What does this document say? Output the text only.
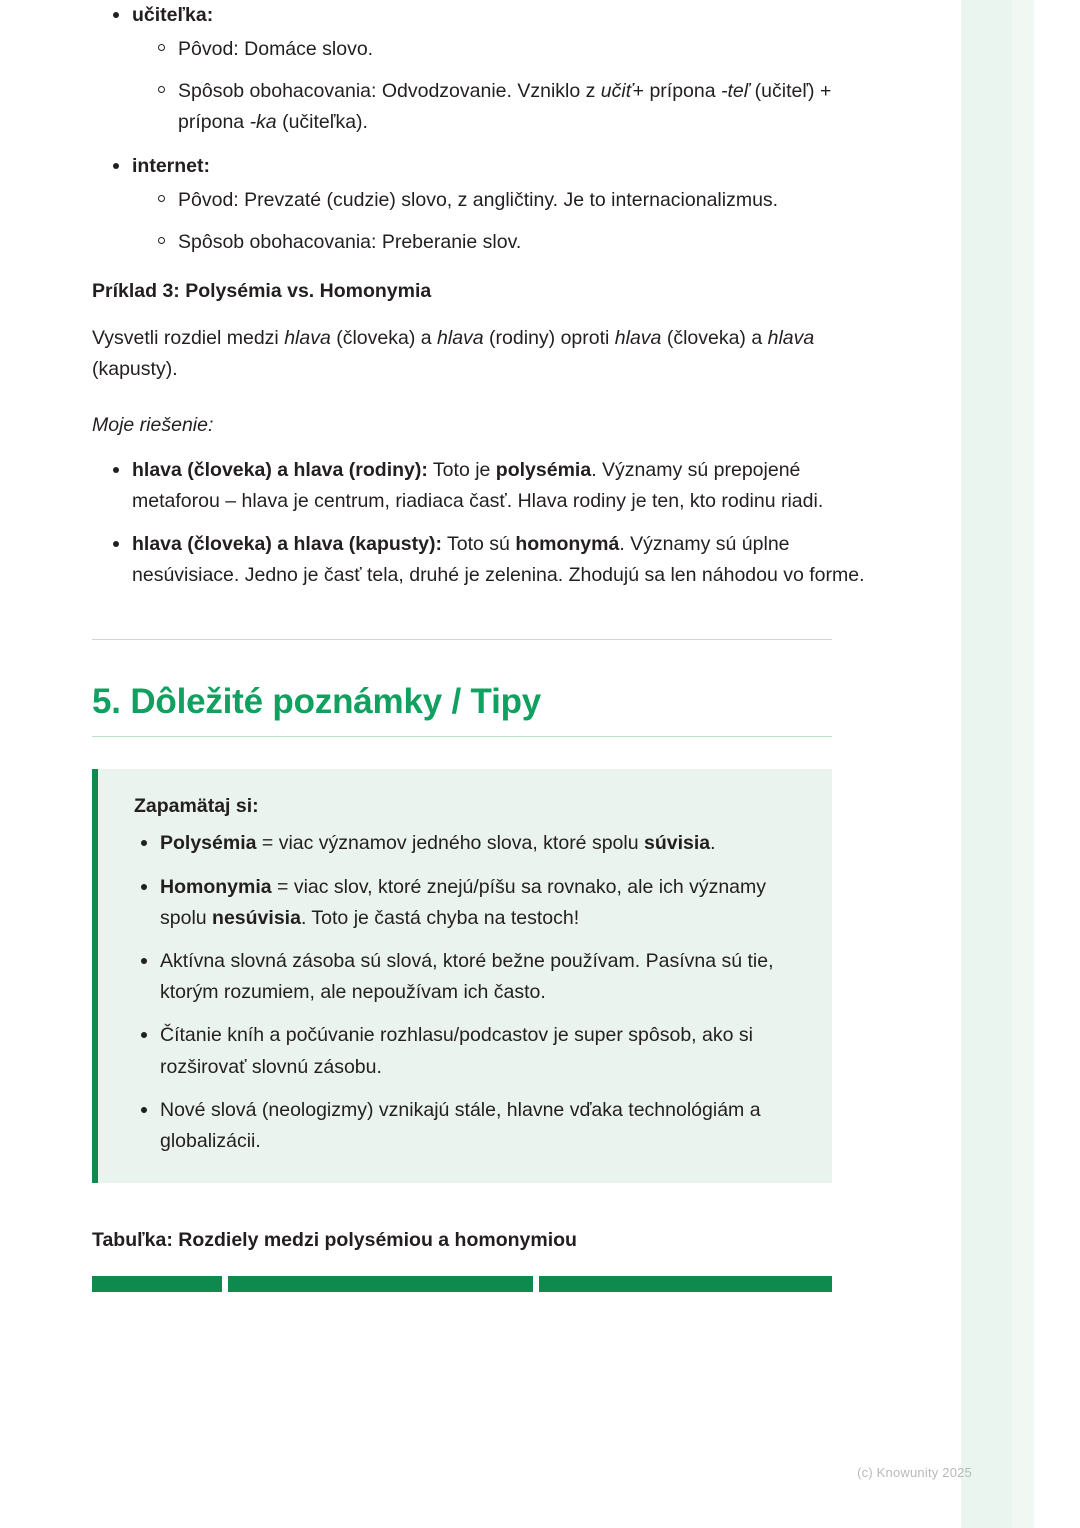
učiteľka:
Pôvod: Domáce slovo.
Spôsob obohacovania: Odvodzovanie. Vzniklo z učiť+ prípona -teľ (učiteľ) + prípona -ka (učiteľka).
internet:
Pôvod: Prevzaté (cudzie) slovo, z angličtiny. Je to internacionalizmus.
Spôsob obohacovania: Preberanie slov.
Príklad 3: Polysémia vs. Homonymia
Vysvetli rozdiel medzi hlava (človeka) a hlava (rodiny) oproti hlava (človeka) a hlava (kapusty).
Moje riešenie:
hlava (človeka) a hlava (rodiny): Toto je polysémia. Významy sú prepojené metaforou – hlava je centrum, riadiaca časť. Hlava rodiny je ten, kto rodinu riadi.
hlava (človeka) a hlava (kapusty): Toto sú homonymá. Významy sú úplne nesúvisiace. Jedno je časť tela, druhé je zelenina. Zhodujú sa len náhodou vo forme.
5. Dôležité poznámky / Tipy
Zapamätaj si:
Polysémia = viac významov jedného slova, ktoré spolu súvisia.
Homonymia = viac slov, ktoré znejú/píšu sa rovnako, ale ich významy spolu nesúvisia. Toto je častá chyba na testoch!
Aktívna slovná zásoba sú slová, ktoré bežne používam. Pasívna sú tie, ktorým rozumiem, ale nepoužívam ich často.
Čítanie kníh a počúvanie rozhlasu/podcastov je super spôsob, ako si rozširovať slovnú zásobu.
Nové slová (neologizmy) vznikajú stále, hlavne vďaka technológiám a globalizácii.
Tabuľka: Rozdiely medzi polysémiou a homonymiou
(c) Knowunity 2025
